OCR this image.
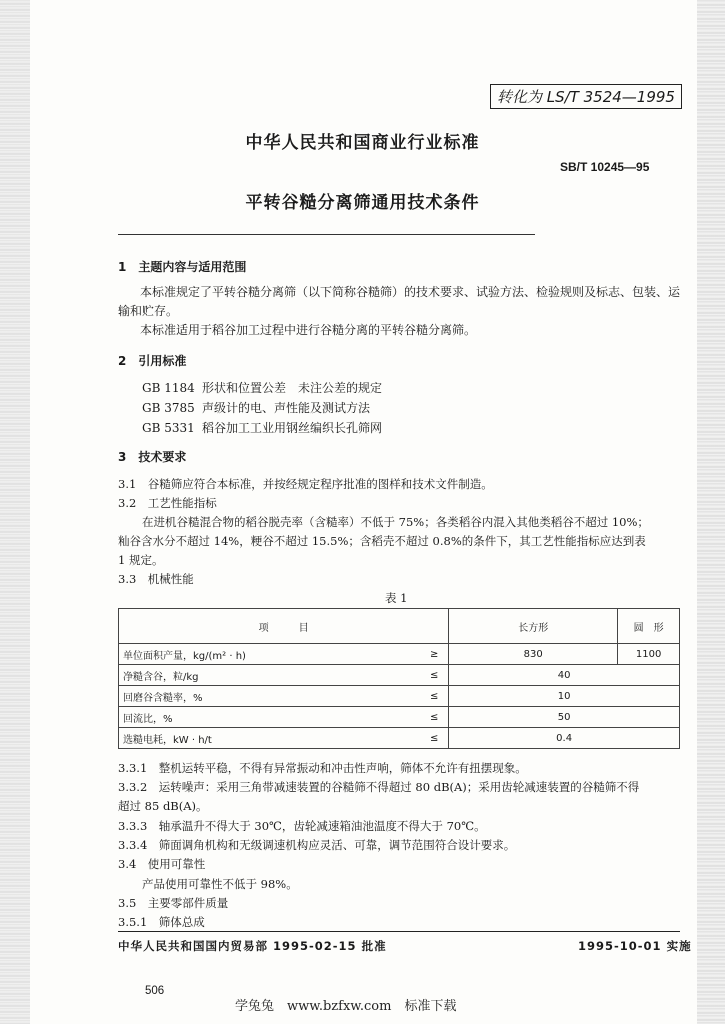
转化为 LS/T 3524—1995
中华人民共和国商业行业标准
SB/T 10245—95
平转谷糙分离筛通用技术条件
1　主题内容与适用范围
本标准规定了平转谷糙分离筛（以下简称谷糙筛）的技术要求、试验方法、检验规则及标志、包装、运
输和贮存。
本标准适用于稻谷加工过程中进行谷糙分离的平转谷糙分离筛。
2　引用标准
GB 1184 形状和位置公差　未注公差的规定
GB 3785 声级计的电、声性能及测试方法
GB 5331 稻谷加工工业用钢丝编织长孔筛网
3　技术要求
3.1　谷糙筛应符合本标准，并按经规定程序批准的图样和技术文件制造。
3.2　工艺性能指标
在进机谷糙混合物的稻谷脱壳率（含糙率）不低于 75%；各类稻谷内混入其他类稻谷不超过 10%；
籼谷含水分不超过 14%，粳谷不超过 15.5%；含稻壳不超过 0.8%的条件下，其工艺性能指标应达到表
1 规定。
3.3　机械性能
表 1
项　　　目		长方形	圆　形
单位面积产量，kg/(m² · h)	≥	830	1100
净糙含谷，粒/kg	≤	40	
回磨谷含糙率，%	≤	10	
回流比，%	≤	50	
选糙电耗，kW · h/t	≤	0.4	
3.3.1　整机运转平稳，不得有异常振动和冲击性声响，筛体不允许有扭摆现象。
3.3.2　运转噪声：采用三角带减速装置的谷糙筛不得超过 80 dB(A)；采用齿轮减速装置的谷糙筛不得
超过 85 dB(A)。
3.3.3　轴承温升不得大于 30℃，齿轮减速箱油池温度不得大于 70℃。
3.3.4　筛面调角机构和无级调速机构应灵活、可靠，调节范围符合设计要求。
3.4　使用可靠性
产品使用可靠性不低于 98%。
3.5　主要零部件质量
3.5.1　筛体总成
中华人民共和国国内贸易部 1995-02-15 批准	1995-10-01 实施
506
学兔兔　www.bzfxw.com　标准下载
